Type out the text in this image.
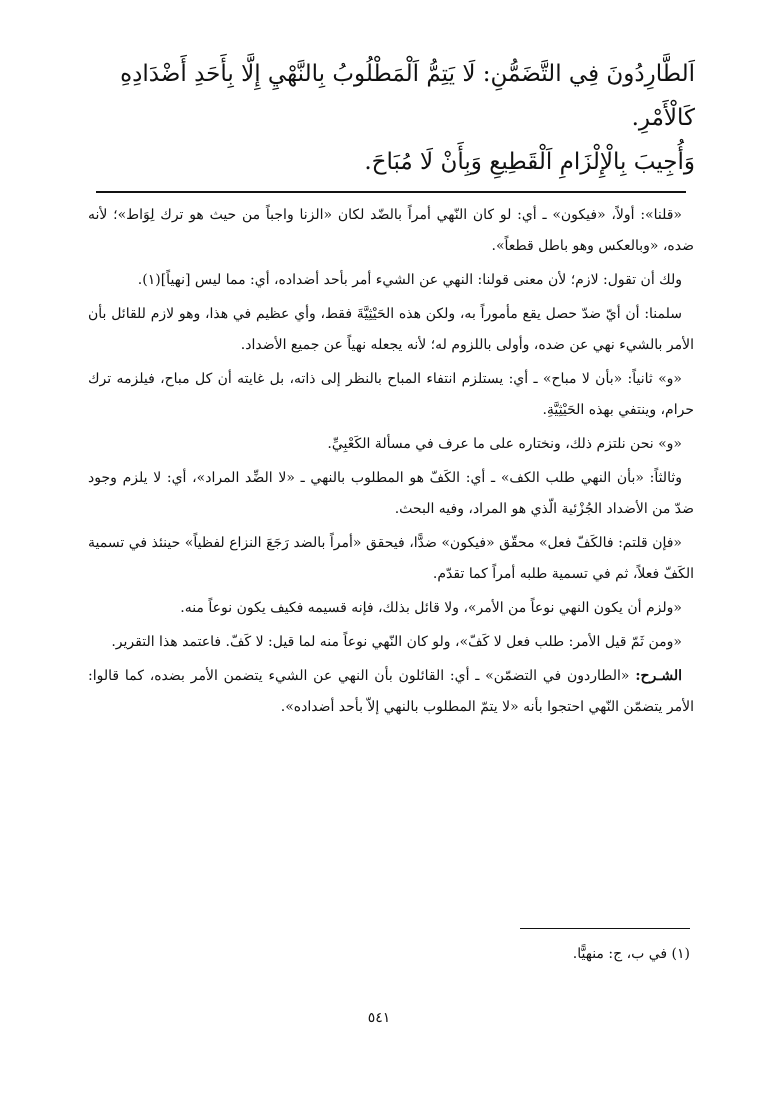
اَلطَّارِدُونَ فِي التَّضَمُّنِ: لَا يَتِمُّ اَلْمَطْلُوبُ بِالنَّهْيِ إِلَّا بِأَحَدِ أَضْدَادِهِ

كَالْأَمْرِ.

وَأُجِيبَ بِالْإِلْزَامِ اَلْقَطِيعِ وَبِأَنْ لَا مُبَاحَ.

«قلنا»: أولاً، «فيكون» ـ أي: لو كان النّهي أمراً بالضّد لكان «الزنا واجباً من حيث هو ترك لِوَاط»؛ لأنه ضده، «وبالعكس وهو باطل قطعاً».

ولك أن تقول: لازم؛ لأن معنى قولنا: النهي عن الشيء أمر بأحد أضداده، أي: مما ليس [نهياً](١).

سلمنا: أن أيّ ضدّ حصل يقع مأموراً به، ولكن هذه الحَيْثِيَّةَ فقط، وأي عظيم في هذا، وهو لازم للقائل بأن الأمر بالشيء نهي عن ضده، وأولى باللزوم له؛ لأنه يجعله نهياً عن جميع الأضداد.

«و» ثانياً: «بأن لا مباح» ـ أي: يستلزم انتفاء المباح بالنظر إلى ذاته، بل غايته أن كل مباح، فيلزمه ترك حرام، وينتفي بهذه الحَيْثِيَّةِ.

«و» نحن نلتزم ذلك، ونختاره على ما عرف في مسألة الكَعْبِيِّ.

وثالثاً: «بأن النهي طلب الكف» ـ أي: الكَفّ هو المطلوب بالنهي ـ «لا الضِّد المراد»، أي: لا يلزم وجود ضدّ من الأضداد الجُزْئية الّذي هو المراد، وفيه البحث.

«فإن قلتم: فالكَفّ فعل» محقّق «فيكون» ضدًّا، فيحقق «أمراً بالضد رَجَعَ النزاع لفظياً» حينئذ في تسمية الكَفّ فعلاً، ثم في تسمية طلبه أمراً كما تقدّم.

«ولزم أن يكون النهي نوعاً من الأمر»، ولا قائل بذلك، فإنه قسيمه فكيف يكون نوعاً منه.

«ومن ثَمّ قيل الأمر: طلب فعل لا كَفّ»، ولو كان النّهي نوعاً منه لما قيل: لا كَفّ. فاعتمد هذا التقرير.

الشـرح: «الطاردون في التضمّن» ـ أي: القائلون بأن النهي عن الشيء يتضمن الأمر بضده، كما قالوا: الأمر يتضمّن النّهي احتجوا بأنه «لا يتمّ المطلوب بالنهي إلاّ بأحد أضداده».

(١) في ب، ج: منهيًّا.
٥٤١
